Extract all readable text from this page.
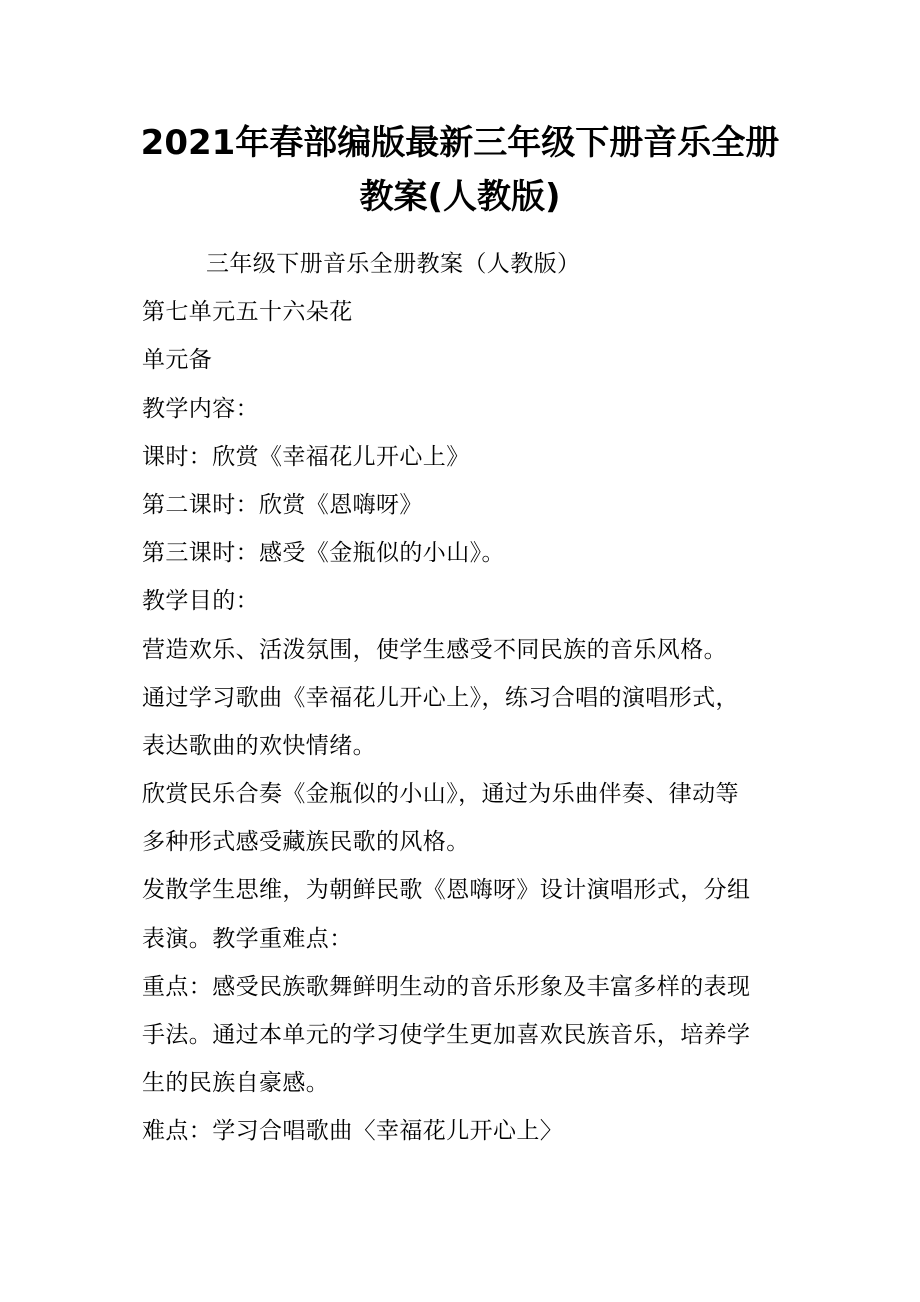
2021年春部编版最新三年级下册音乐全册
教案(人教版)
三年级下册音乐全册教案（人教版）
第七单元五十六朵花
单元备
教学内容：
课时：欣赏《幸福花儿开心上》
第二课时：欣赏《恩嗨呀》
第三课时：感受《金瓶似的小山》。
教学目的：
营造欢乐、活泼氛围，使学生感受不同民族的音乐风格。
通过学习歌曲《幸福花儿开心上》，练习合唱的演唱形式，
表达歌曲的欢快情绪。
欣赏民乐合奏《金瓶似的小山》，通过为乐曲伴奏、律动等
多种形式感受藏族民歌的风格。
发散学生思维，为朝鲜民歌《恩嗨呀》设计演唱形式，分组
表演。教学重难点：
重点：感受民族歌舞鲜明生动的音乐形象及丰富多样的表现
手法。通过本单元的学习使学生更加喜欢民族音乐，培养学
生的民族自豪感。
难点：学习合唱歌曲〈幸福花儿开心上〉
